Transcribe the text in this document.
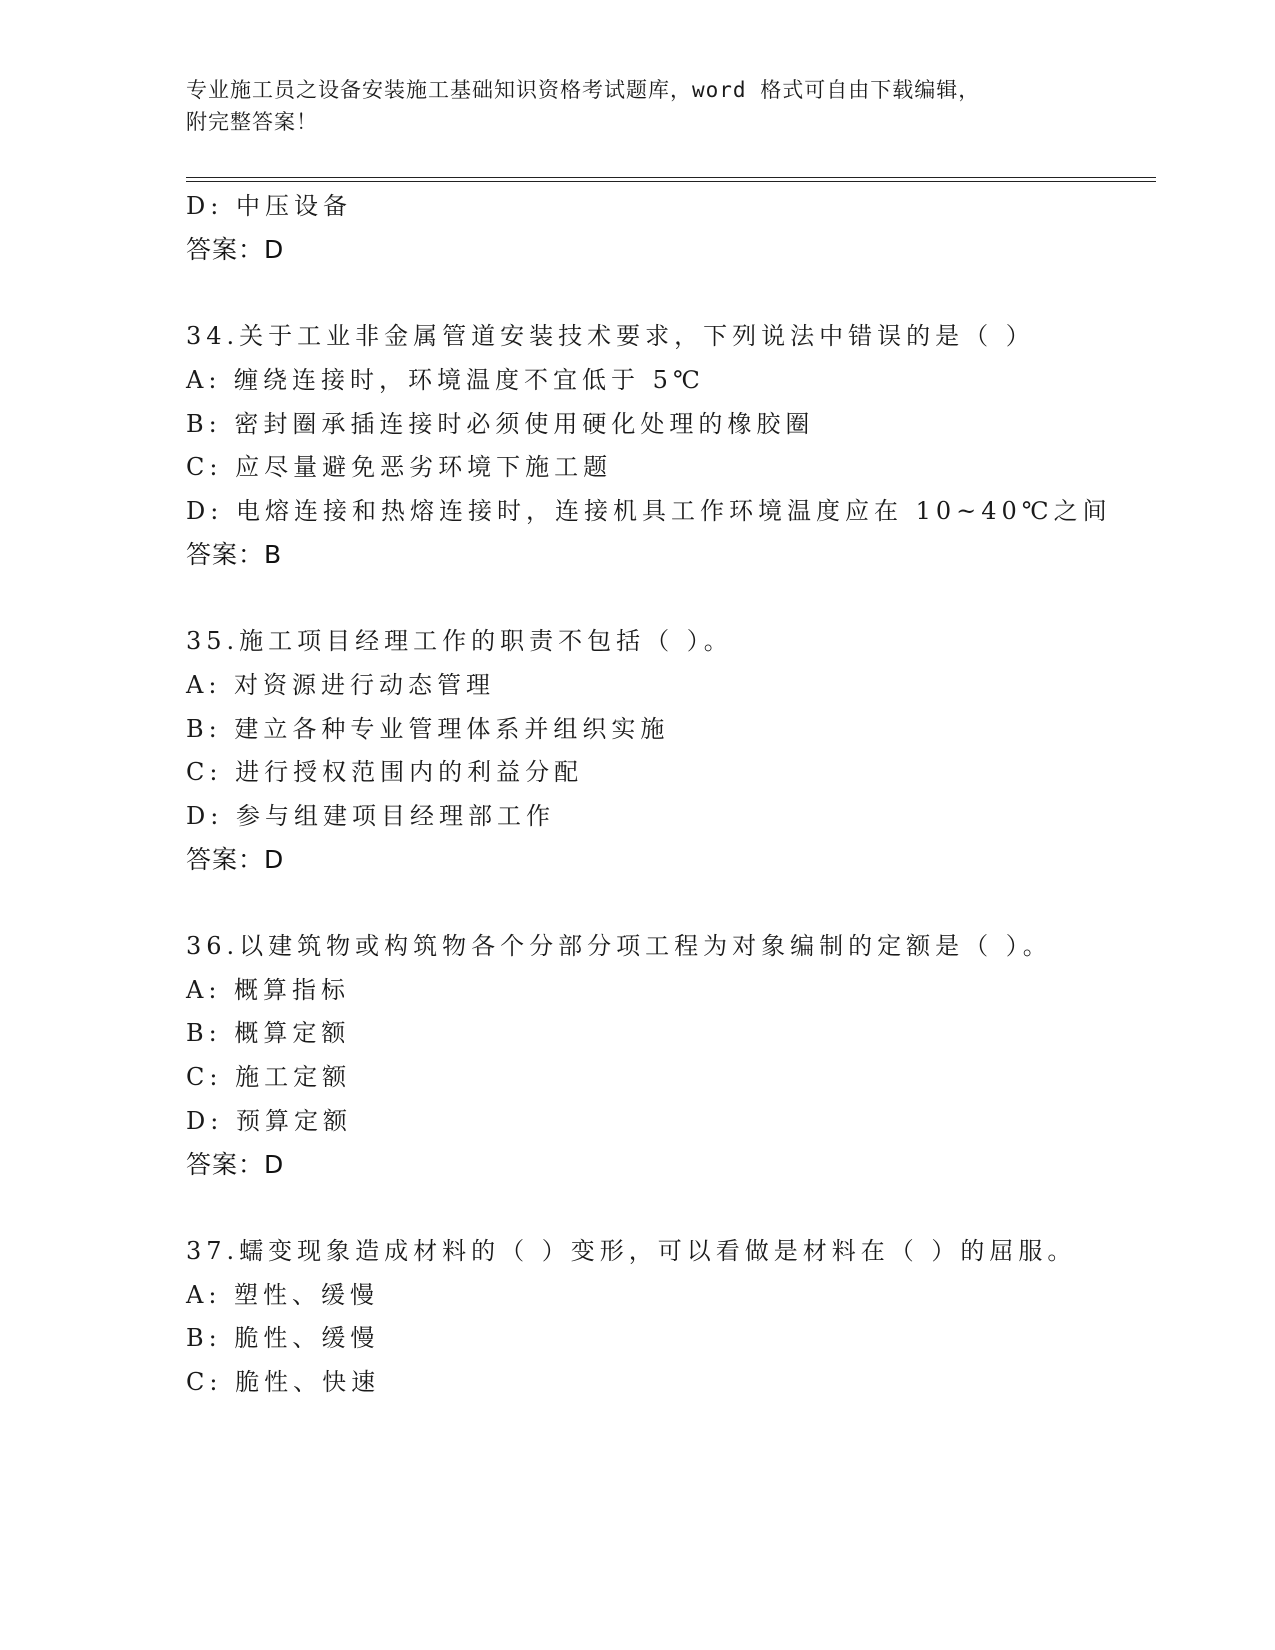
专业施工员之设备安装施工基础知识资格考试题库，word 格式可自由下载编辑，
附完整答案！
D: 中压设备
答案：D
34.关于工业非金属管道安装技术要求，下列说法中错误的是（ ）
A: 缠绕连接时，环境温度不宜低于 5℃
B: 密封圈承插连接时必须使用硬化处理的橡胶圈
C: 应尽量避免恶劣环境下施工题
D: 电熔连接和热熔连接时，连接机具工作环境温度应在 10~40℃之间
答案：B
35.施工项目经理工作的职责不包括（ ）。
A: 对资源进行动态管理
B: 建立各种专业管理体系并组织实施
C: 进行授权范围内的利益分配
D: 参与组建项目经理部工作
答案：D
36.以建筑物或构筑物各个分部分项工程为对象编制的定额是（ ）。
A: 概算指标
B: 概算定额
C: 施工定额
D: 预算定额
答案：D
37.蠕变现象造成材料的（ ）变形，可以看做是材料在（ ）的屈服。
A: 塑性、缓慢
B: 脆性、缓慢
C: 脆性、快速
